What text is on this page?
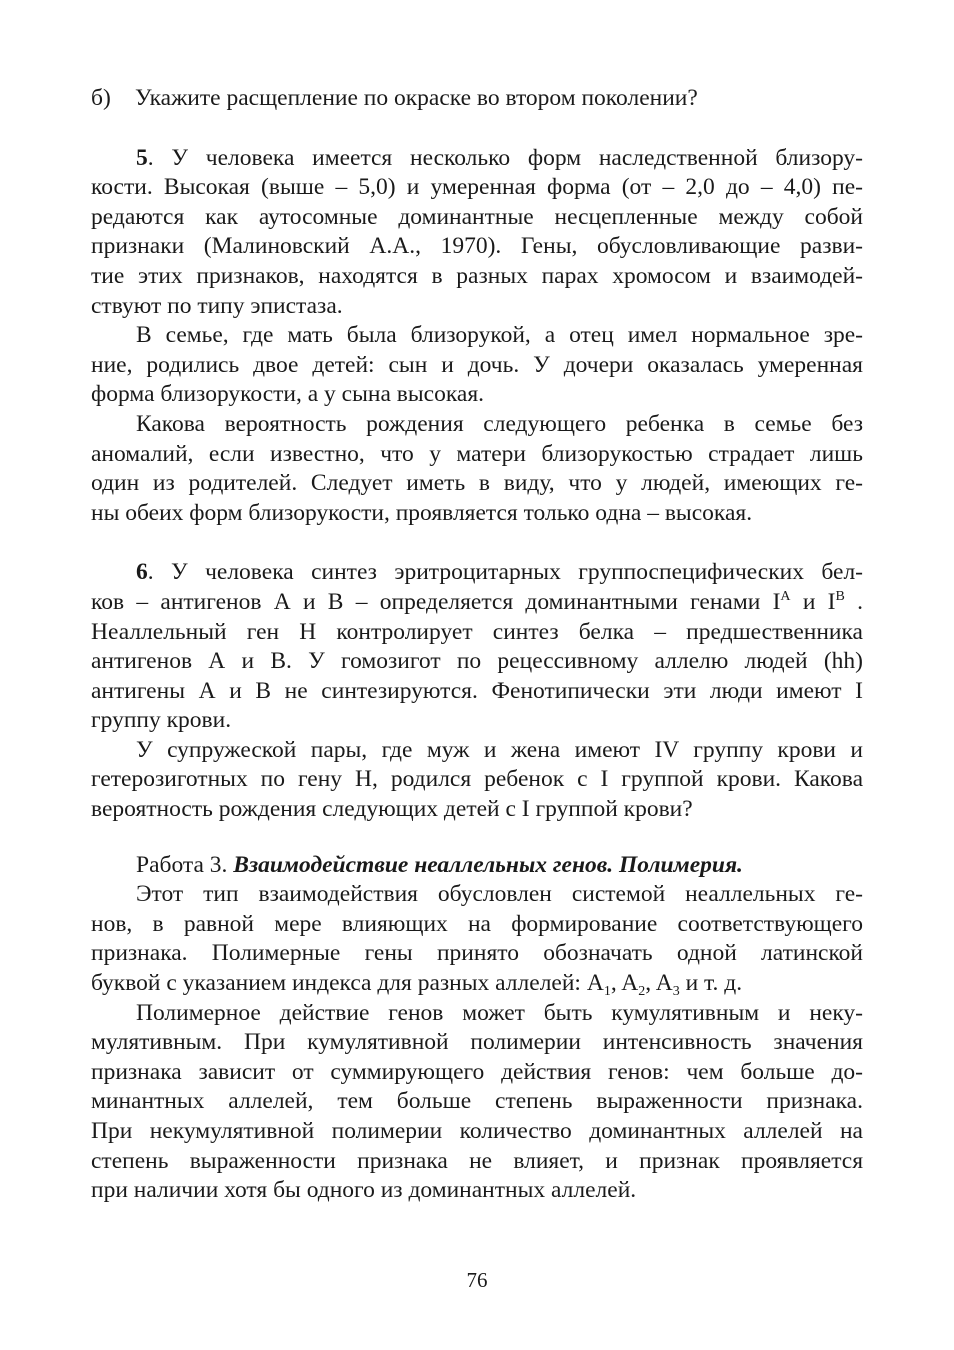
б)	Укажите расщепление по окраске во втором поколении?
5. У человека имеется несколько форм наследственной близору-
кости. Высокая (выше – 5,0) и умеренная форма (от – 2,0 до – 4,0) пе-
редаются как аутосомные доминантные несцепленные между собой
признаки (Малиновский А.А., 1970). Гены, обусловливающие разви-
тие этих признаков, находятся в разных парах хромосом и взаимодей-
ствуют по типу эпистаза.
В семье, где мать была близорукой, а отец имел нормальное зре-
ние, родились двое детей: сын и дочь. У дочери оказалась умеренная
форма близорукости, а у сына высокая.
Какова вероятность рождения следующего ребенка в семье без
аномалий, если известно, что у матери близорукостью страдает лишь
один из родителей. Следует иметь в виду, что у людей, имеющих ге-
ны обеих форм близорукости, проявляется только одна – высокая.
6. У человека синтез эритроцитарных группоспецифических бел-
ков – антигенов А и В – определяется доминантными генами $I^A$ и $I^B$ .
Неаллельный ген Н контролирует синтез белка – предшественника
антигенов А и В. У гомозигот по рецессивному аллелю людей (hh)
антигены А и В не синтезируются. Фенотипически эти люди имеют I
группу крови.
У супружеской пары, где муж и жена имеют IV группу крови и
гетерозиготных по гену Н, родился ребенок с I группой крови. Какова
вероятность рождения следующих детей с I группой крови?
Работа 3. Взаимодействие неаллельных генов. Полимерия.
Этот тип взаимодействия обусловлен системой неаллельных ге-
нов, в равной мере влияющих на формирование соответствующего
признака. Полимерные гены принято обозначать одной латинской
буквой с указанием индекса для разных аллелей: $A_1$, $A_2$, $A_3$ и т. д.
Полимерное действие генов может быть кумулятивным и неку-
мулятивным. При кумулятивной полимерии интенсивность значения
признака зависит от суммирующего действия генов: чем больше до-
минантных аллелей, тем больше степень выраженности признака.
При некумулятивной полимерии количество доминантных аллелей на
степень выраженности признака не влияет, и признак проявляется
при наличии хотя бы одного из доминантных аллелей.
76
